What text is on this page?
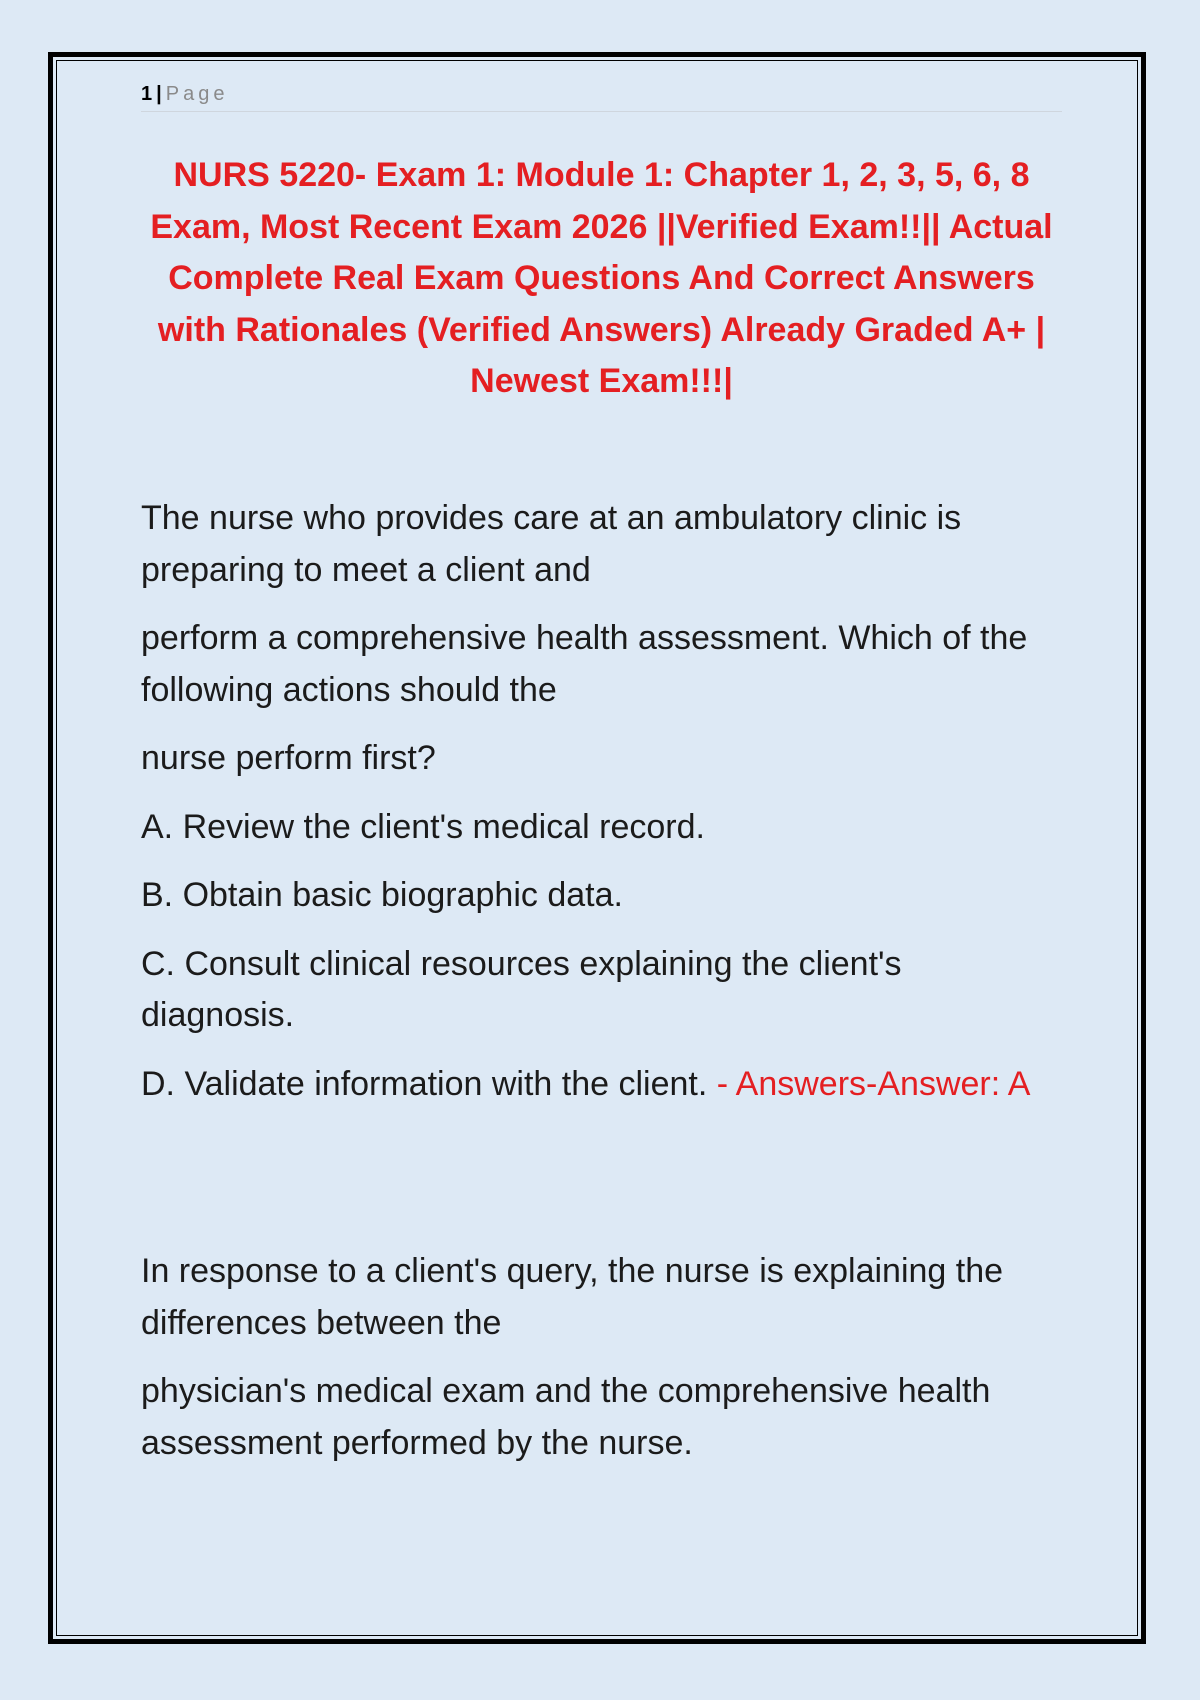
1 | Page
NURS 5220- Exam 1: Module 1: Chapter 1, 2, 3, 5, 6, 8 Exam, Most Recent Exam 2026 ||Verified Exam!!|| Actual Complete Real Exam Questions And Correct Answers with Rationales (Verified Answers) Already Graded A+ | Newest Exam!!!|

The nurse who provides care at an ambulatory clinic is preparing to meet a client and

perform a comprehensive health assessment. Which of the following actions should the

nurse perform first?

A. Review the client's medical record.

B. Obtain basic biographic data.

C. Consult clinical resources explaining the client's diagnosis.

D. Validate information with the client. - Answers-Answer: A

In response to a client's query, the nurse is explaining the differences between the

physician's medical exam and the comprehensive health assessment performed by the nurse.
